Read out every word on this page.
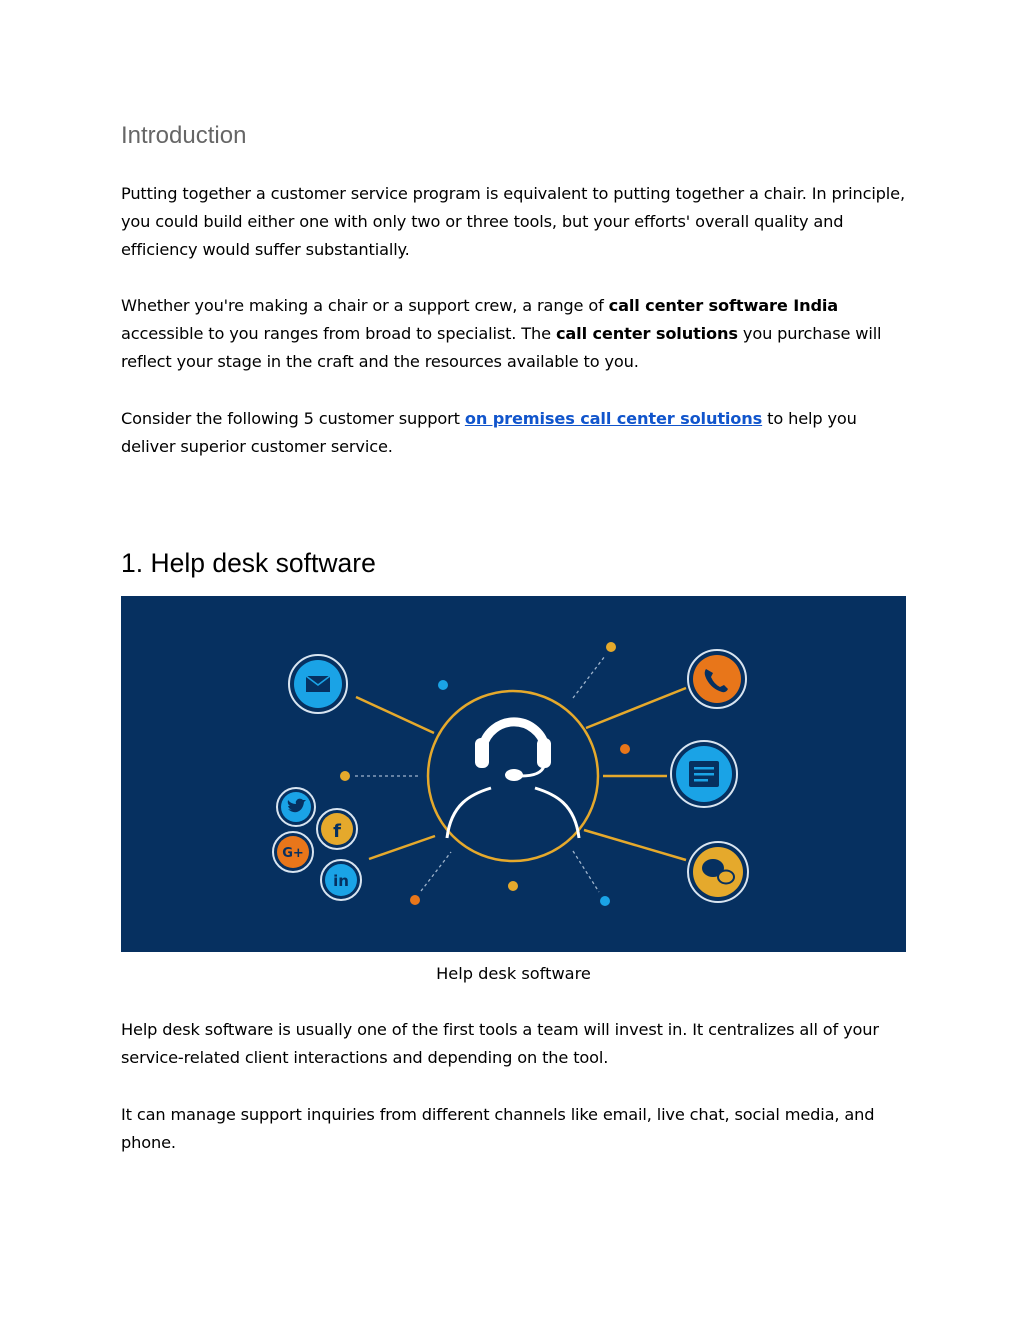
Introduction

Putting together a customer service program is equivalent to putting together a chair. In principle, you could build either one with only two or three tools, but your efforts' overall quality and efficiency would suffer substantially.

Whether you're making a chair or a support crew, a range of call center software India accessible to you ranges from broad to specialist. The call center solutions you purchase will reflect your stage in the craft and the resources available to you.

Consider the following 5 customer support on premises call center solutions to help you deliver superior customer service.

1. Help desk software
f
G+
in
Help desk software

Help desk software is usually one of the first tools a team will invest in. It centralizes all of your service-related client interactions and depending on the tool.

It can manage support inquiries from different channels like email, live chat, social media, and phone.
